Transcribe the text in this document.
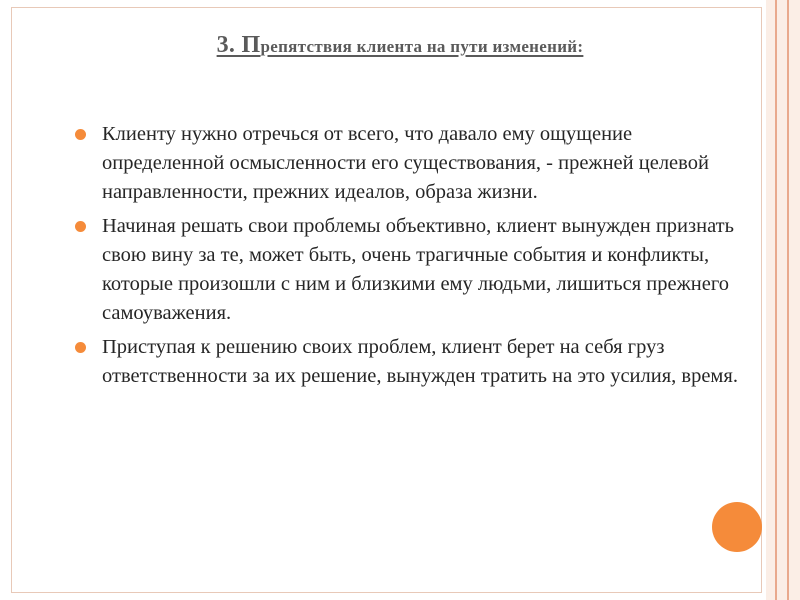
3. Препятствия клиента на пути изменений:
Клиенту нужно отречься от всего, что давало ему ощущение определенной осмысленности его существования, - прежней целевой направленности, прежних идеалов, образа жизни.
Начиная решать свои проблемы объективно, клиент вынужден признать свою вину за те, может быть, очень трагичные события и конфликты, которые произошли с ним и близкими ему людьми, лишиться прежнего самоуважения.
Приступая к решению своих проблем, клиент берет на себя груз ответственности за их решение, вынужден тратить на это усилия, время.
